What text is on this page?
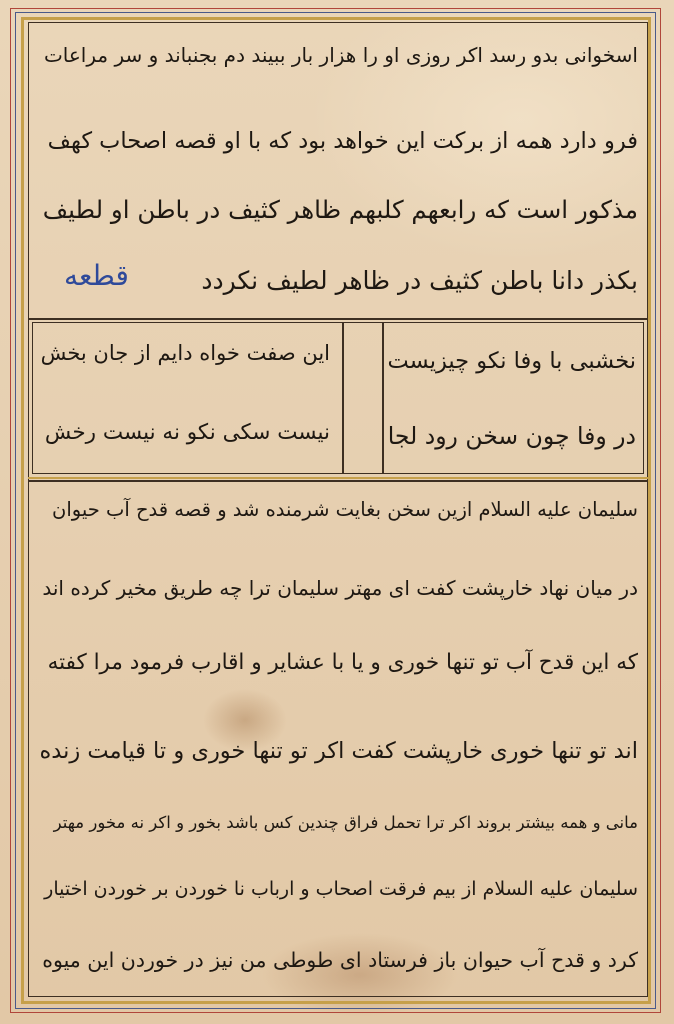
اسخوانی بدو رسد اکر روزی او را هزار بار ببیند دم بجنباند و سر مراعات
فرو دارد همه از برکت این خواهد بود که با او قصه اصحاب کهف
مذکور است که رابعهم کلبهم ظاهر کثیف در باطن او لطیف
بکذر دانا باطن کثیف در ظاهر لطیف نکردد
قطعه
نخشبی با وفا نکو چیزیست
در وفا چون سخن رود لجا
این صفت خواه دایم از جان بخش
نیست سکی نکو نه نیست رخش
سلیمان علیه السلام ازین سخن بغایت شرمنده شد و قصه قدح آب حیوان
در میان نهاد خارپشت کفت ای مهتر سلیمان ترا چه طریق مخیر کرده اند
که این قدح آب تو تنها خوری و یا با عشایر و اقارب فرمود مرا کفته
اند تو تنها خوری خارپشت کفت اکر تو تنها خوری و تا قیامت زنده
مانی و همه بیشتر بروند اکر ترا تحمل فراق چندین کس باشد بخور و اکر نه مخور مهتر
سلیمان علیه السلام از بیم فرقت اصحاب و ارباب نا خوردن بر خوردن اختیار
کرد و قدح آب حیوان باز فرستاد ای طوطی من نیز در خوردن این میوه
